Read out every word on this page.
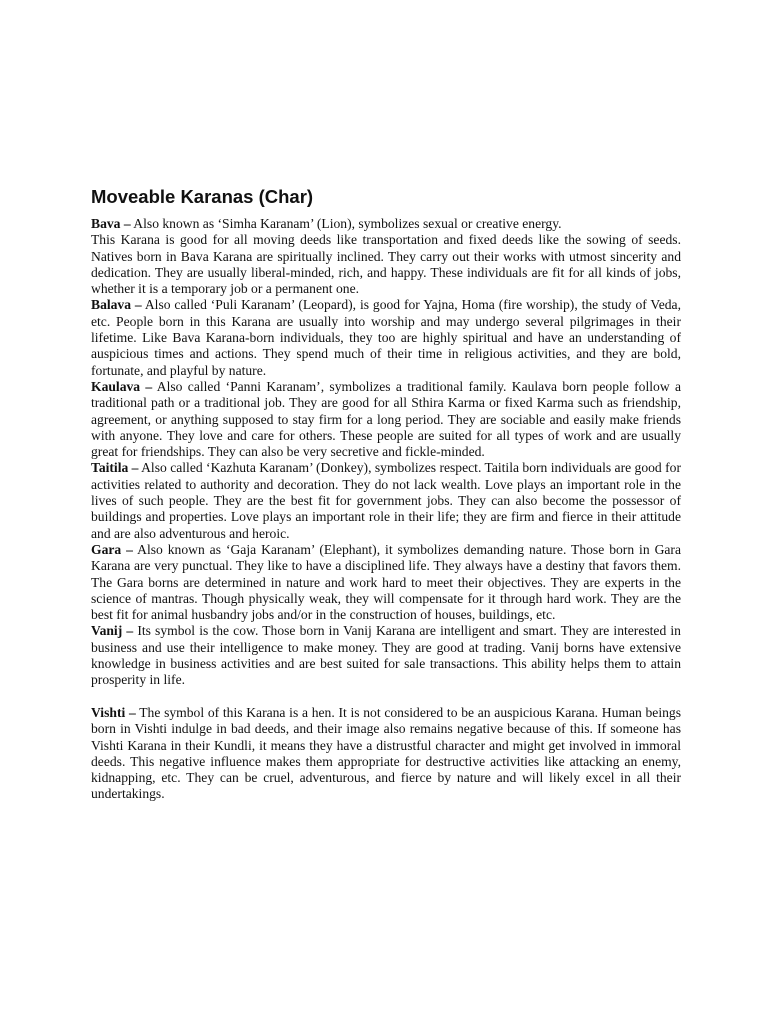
Moveable Karanas (Char)

Bava – Also known as ‘Simha Karanam’ (Lion), symbolizes sexual or creative energy.

This Karana is good for all moving deeds like transportation and fixed deeds like the sowing of seeds. Natives born in Bava Karana are spiritually inclined. They carry out their works with utmost sincerity and dedication. They are usually liberal-minded, rich, and happy. These individuals are fit for all kinds of jobs, whether it is a temporary job or a permanent one.

Balava – Also called ‘Puli Karanam’ (Leopard), is good for Yajna, Homa (fire worship), the study of Veda, etc. People born in this Karana are usually into worship and may undergo several pilgrimages in their lifetime. Like Bava Karana-born individuals, they too are highly spiritual and have an understanding of auspicious times and actions. They spend much of their time in religious activities, and they are bold, fortunate, and playful by nature.

Kaulava – Also called ‘Panni Karanam’, symbolizes a traditional family. Kaulava born people follow a traditional path or a traditional job. They are good for all Sthira Karma or fixed Karma such as friendship, agreement, or anything supposed to stay firm for a long period. They are sociable and easily make friends with anyone. They love and care for others. These people are suited for all types of work and are usually great for friendships. They can also be very secretive and fickle-minded.

Taitila – Also called ‘Kazhuta Karanam’ (Donkey), symbolizes respect. Taitila born individuals are good for activities related to authority and decoration. They do not lack wealth. Love plays an important role in the lives of such people. They are the best fit for government jobs. They can also become the possessor of buildings and properties. Love plays an important role in their life; they are firm and fierce in their attitude and are also adventurous and heroic.

Gara – Also known as ‘Gaja Karanam’ (Elephant), it symbolizes demanding nature. Those born in Gara Karana are very punctual. They like to have a disciplined life. They always have a destiny that favors them. The Gara borns are determined in nature and work hard to meet their objectives. They are experts in the science of mantras. Though physically weak, they will compensate for it through hard work. They are the best fit for animal husbandry jobs and/or in the construction of houses, buildings, etc.

Vanij – Its symbol is the cow. Those born in Vanij Karana are intelligent and smart. They are interested in business and use their intelligence to make money. They are good at trading. Vanij borns have extensive knowledge in business activities and are best suited for sale transactions. This ability helps them to attain prosperity in life.

Vishti – The symbol of this Karana is a hen. It is not considered to be an auspicious Karana. Human beings born in Vishti indulge in bad deeds, and their image also remains negative because of this. If someone has Vishti Karana in their Kundli, it means they have a distrustful character and might get involved in immoral deeds. This negative influence makes them appropriate for destructive activities like attacking an enemy, kidnapping, etc. They can be cruel, adventurous, and fierce by nature and will likely excel in all their undertakings.
